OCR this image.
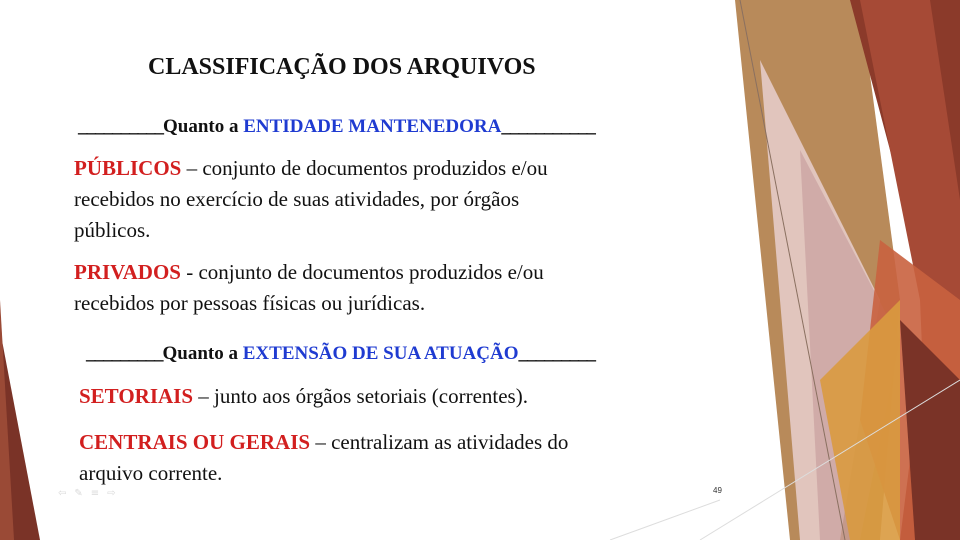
CLASSIFICAÇÃO DOS ARQUIVOS
__________Quanto a ENTIDADE MANTENEDORA___________
PÚBLICOS – conjunto de documentos produzidos e/ou
recebidos no exercício de suas atividades, por órgãos
públicos.
PRIVADOS - conjunto de documentos produzidos e/ou
recebidos por pessoas físicas ou jurídicas.
_________Quanto a EXTENSÃO DE SUA ATUAÇÃO_________
SETORIAIS – junto aos órgãos setoriais (correntes).
CENTRAIS OU GERAIS – centralizam as atividades do
arquivo corrente.
49
⇦ ✎ ≡ ⇨
